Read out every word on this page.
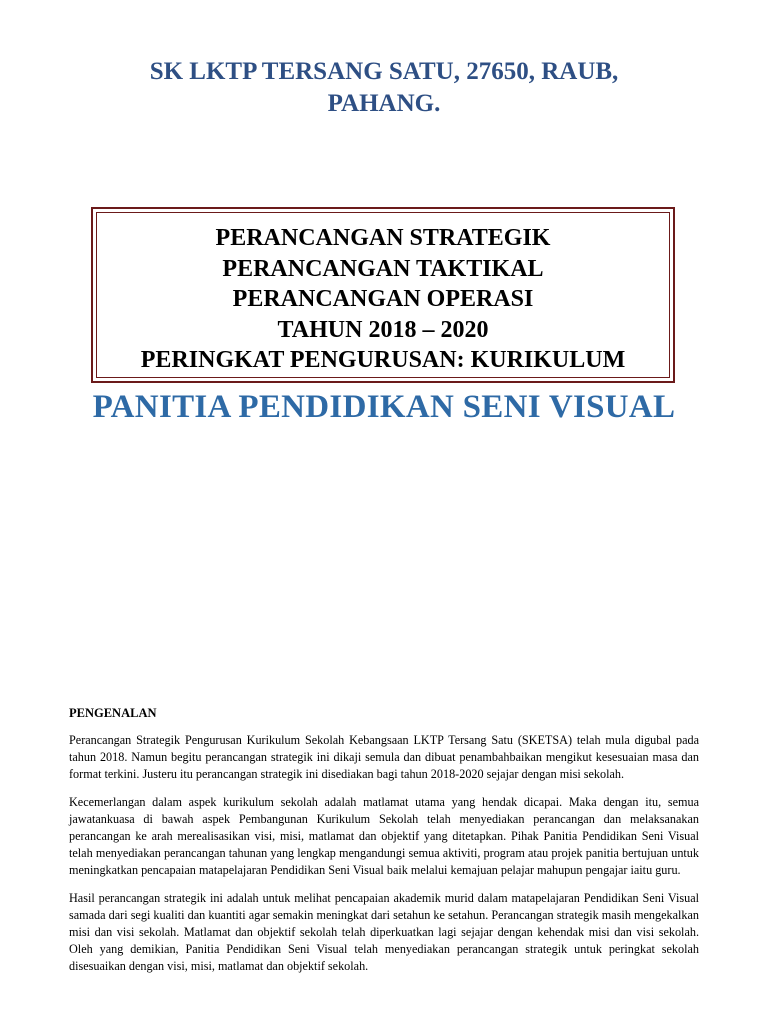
SK LKTP TERSANG SATU, 27650, RAUB,
PAHANG.
PERANCANGAN STRATEGIK
PERANCANGAN TAKTIKAL
PERANCANGAN OPERASI
TAHUN 2018 – 2020
PERINGKAT PENGURUSAN: KURIKULUM
PANITIA PENDIDIKAN SENI VISUAL

PENGENALAN

Perancangan Strategik Pengurusan Kurikulum Sekolah Kebangsaan LKTP Tersang Satu (SKETSA) telah mula digubal pada tahun 2018. Namun begitu perancangan strategik ini dikaji semula dan dibuat penambahbaikan mengikut kesesuaian masa dan format terkini. Justeru itu perancangan strategik ini disediakan bagi tahun 2018-2020 sejajar dengan misi sekolah.

Kecemerlangan dalam aspek kurikulum sekolah adalah matlamat utama yang hendak dicapai. Maka dengan itu, semua jawatankuasa di bawah aspek Pembangunan Kurikulum Sekolah telah menyediakan perancangan dan melaksanakan perancangan ke arah merealisasikan visi, misi, matlamat dan objektif yang ditetapkan. Pihak Panitia Pendidikan Seni Visual telah menyediakan perancangan tahunan yang lengkap mengandungi semua aktiviti, program atau projek panitia bertujuan untuk meningkatkan pencapaian matapelajaran Pendidikan Seni Visual baik melalui kemajuan pelajar mahupun pengajar iaitu guru.

Hasil perancangan strategik ini adalah untuk melihat pencapaian akademik murid dalam matapelajaran Pendidikan Seni Visual samada dari segi kualiti dan kuantiti agar semakin meningkat dari setahun ke setahun. Perancangan strategik masih mengekalkan misi dan visi sekolah. Matlamat dan objektif sekolah telah diperkuatkan lagi sejajar dengan kehendak misi dan visi sekolah. Oleh yang demikian, Panitia Pendidikan Seni Visual telah menyediakan perancangan strategik untuk peringkat sekolah disesuaikan dengan visi, misi, matlamat dan objektif sekolah.
